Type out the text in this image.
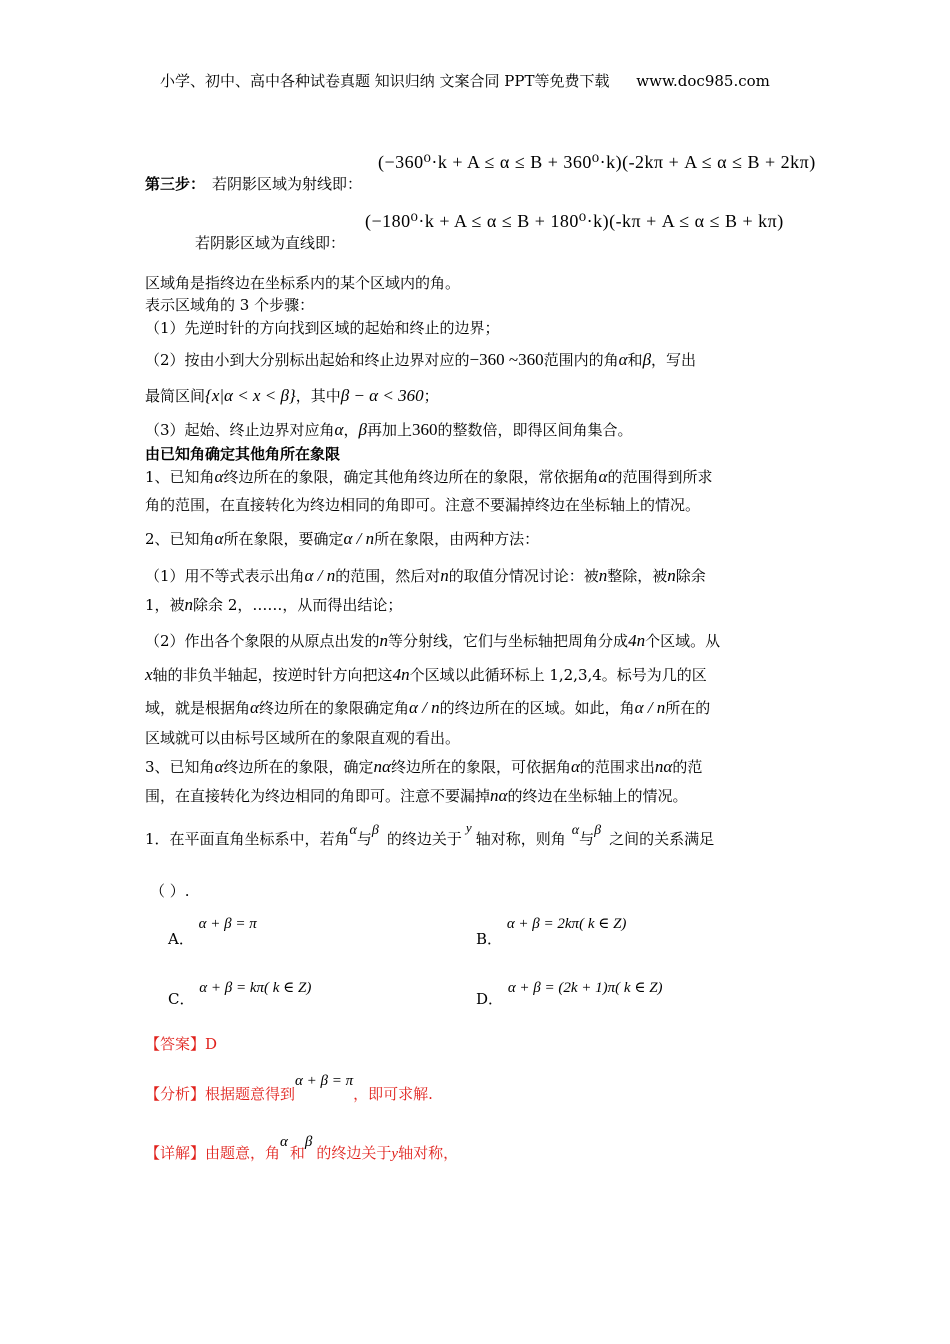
小学、初中、高中各种试卷真题 知识归纳 文案合同 PPT等免费下载 www.doc985.com
第三步： 若阴影区域为射线即：
(−360⁰·k + A ≤ α ≤ B + 360⁰·k)(-2kπ + A ≤ α ≤ B + 2kπ)
若阴影区域为直线即：
(−180⁰·k + A ≤ α ≤ B + 180⁰·k)(-kπ + A ≤ α ≤ B + kπ)
区域角是指终边在坐标系内的某个区域内的角。
表示区域角的 3 个步骤：
（1）先逆时针的方向找到区域的起始和终止的边界；
（2）按由小到大分别标出起始和终止边界对应的−360 ~360范围内的角α和β，写出
最简区间{x|α < x < β}，其中β − α < 360；
（3）起始、终止边界对应角α，β再加上360的整数倍，即得区间角集合。
由已知角确定其他角所在象限
1、已知角α终边所在的象限，确定其他角终边所在的象限，常依据角α的范围得到所求
角的范围，在直接转化为终边相同的角即可。注意不要漏掉终边在坐标轴上的情况。
2、已知角α所在象限，要确定α / n所在象限，由两种方法：
（1）用不等式表示出角α / n的范围，然后对n的取值分情况讨论：被n整除，被n除余
1，被n除余 2，……，从而得出结论；
（2）作出各个象限的从原点出发的n等分射线，它们与坐标轴把周角分成4n个区域。从
x轴的非负半轴起，按逆时针方向把这4n个区域以此循环标上 1,2,3,4。标号为几的区
域，就是根据角α终边所在的象限确定角α / n的终边所在的区域。如此，角α / n所在的
区域就可以由标号区域所在的象限直观的看出。
3、已知角α终边所在的象限，确定nα终边所在的象限，可依据角α的范围求出nα的范
围，在直接转化为终边相同的角即可。注意不要漏掉nα的终边在坐标轴上的情况。
1．在平面直角坐标系中，若角α与β 的终边关于y轴对称，则角 α与β 之间的关系满足
（ ）.
A． α + β = π
B． α + β = 2kπ( k ∈ Z)
C． α + β = kπ( k ∈ Z)
D． α + β = (2k + 1)π( k ∈ Z)
【答案】D
【分析】根据题意得到α + β = π，即可求解.
【详解】由题意，角α和β的终边关于y轴对称，
